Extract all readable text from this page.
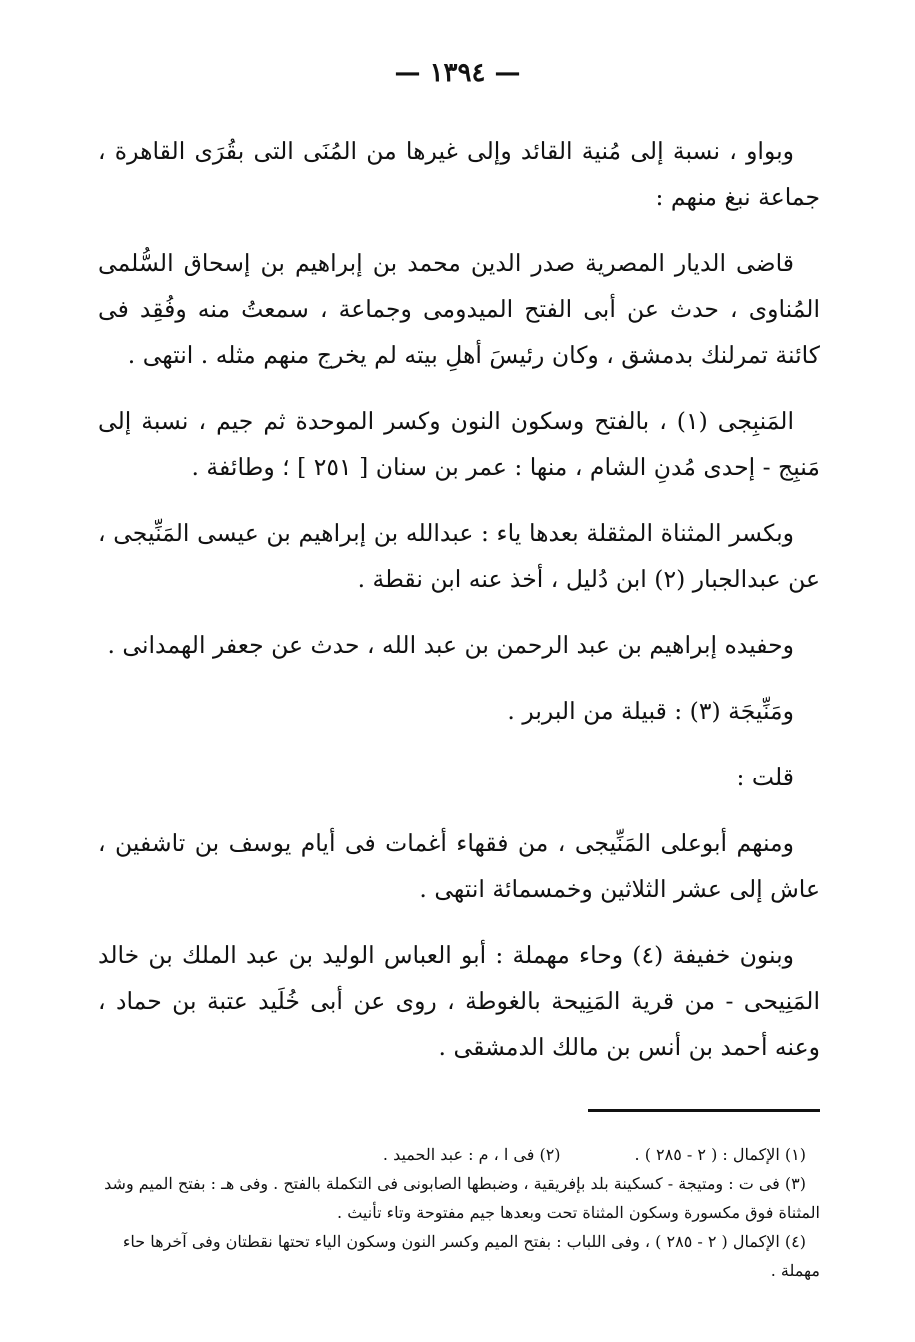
— ١٣٩٤ —

وبواو ، نسبة إلى مُنية القائد وإلى غيرها من المُنَى التى بقُرَى القاهرة ، جماعة نبغ منهم :

قاضى الديار المصرية صدر الدين محمد بن إبراهيم بن إسحاق السُّلمى المُناوى ، حدث عن أبى الفتح الميدومى وجماعة ، سمعتُ منه وفُقِد فى كائنة تمرلنك بدمشق ، وكان رئيسَ أهلِ بيته لم يخرج منهم مثله . انتهى .

المَنبِجى (١) ، بالفتح وسكون النون وكسر الموحدة ثم جيم ، نسبة إلى مَنبِج - إحدى مُدنِ الشام ، منها : عمر بن سنان [ ٢٥١ ] ؛ وطائفة .

وبكسر المثناة المثقلة بعدها ياء : عبدالله بن إبراهيم بن عيسى المَنِّيجى ، عن عبدالجبار (٢) ابن دُليل ، أخذ عنه ابن نقطة .

وحفيده إبراهيم بن عبد الرحمن بن عبد الله ، حدث عن جعفر الهمدانى .

ومَنِّيجَة (٣) : قبيلة من البربر .

قلت :

ومنهم أبوعلى المَنِّيجى ، من فقهاء أغمات فى أيام يوسف بن تاشفين ، عاش إلى عشر الثلاثين وخمسمائة انتهى .

وبنون خفيفة (٤) وحاء مهملة : أبو العباس الوليد بن عبد الملك بن خالد المَنِيحى - من قرية المَنِيحة بالغوطة ، روى عن أبى خُلَيد عتبة بن حماد ، وعنه أحمد بن أنس بن مالك الدمشقى .

(١) الإكمال : ( ٢ - ٢٨٥ ) .
(٢) فى ا ، م : عبد الحميد .

(٣) فى ت : ومتيجة - كسكينة بلد بإفريقية ، وضبطها الصابونى فى التكملة بالفتح . وفى هـ : بفتح الميم وشد المثناة فوق مكسورة وسكون المثناة تحت وبعدها جيم مفتوحة وتاء تأنيث .

(٤) الإكمال ( ٢ - ٢٨٥ ) ، وفى اللباب : بفتح الميم وكسر النون وسكون الياء تحتها نقطتان وفى آخرها حاء مهملة .
